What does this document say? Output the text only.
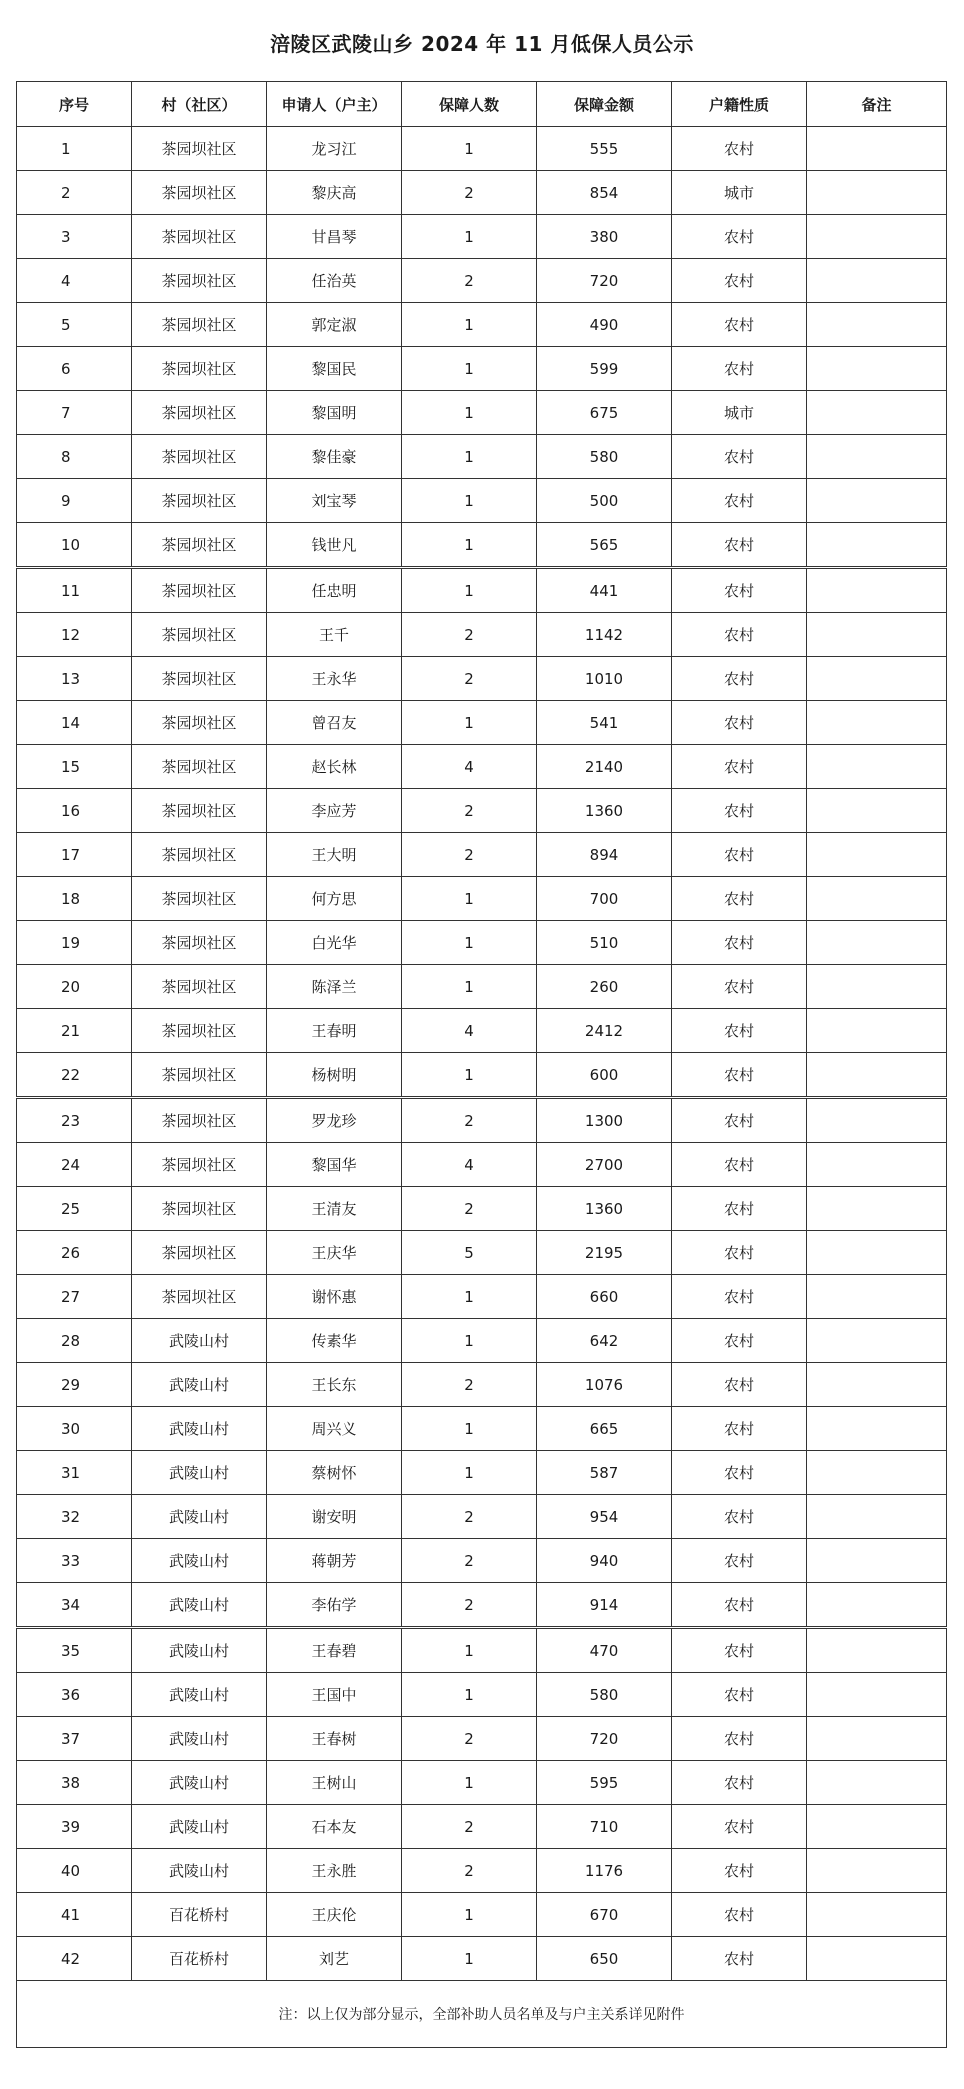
涪陵区武陵山乡 2024 年 11 月低保人员公示
序号	村（社区）	申请人（户主）	保障人数	保障金额	户籍性质	备注
1	茶园坝社区	龙习江	1	555	农村	
2	茶园坝社区	黎庆高	2	854	城市	
3	茶园坝社区	甘昌琴	1	380	农村	
4	茶园坝社区	任治英	2	720	农村	
5	茶园坝社区	郭定淑	1	490	农村	
6	茶园坝社区	黎国民	1	599	农村	
7	茶园坝社区	黎国明	1	675	城市	
8	茶园坝社区	黎佳豪	1	580	农村	
9	茶园坝社区	刘宝琴	1	500	农村	
10	茶园坝社区	钱世凡	1	565	农村	
11	茶园坝社区	任忠明	1	441	农村	
12	茶园坝社区	王千	2	1142	农村	
13	茶园坝社区	王永华	2	1010	农村	
14	茶园坝社区	曾召友	1	541	农村	
15	茶园坝社区	赵长林	4	2140	农村	
16	茶园坝社区	李应芳	2	1360	农村	
17	茶园坝社区	王大明	2	894	农村	
18	茶园坝社区	何方思	1	700	农村	
19	茶园坝社区	白光华	1	510	农村	
20	茶园坝社区	陈泽兰	1	260	农村	
21	茶园坝社区	王春明	4	2412	农村	
22	茶园坝社区	杨树明	1	600	农村	
23	茶园坝社区	罗龙珍	2	1300	农村	
24	茶园坝社区	黎国华	4	2700	农村	
25	茶园坝社区	王清友	2	1360	农村	
26	茶园坝社区	王庆华	5	2195	农村	
27	茶园坝社区	谢怀惠	1	660	农村	
28	武陵山村	传素华	1	642	农村	
29	武陵山村	王长东	2	1076	农村	
30	武陵山村	周兴义	1	665	农村	
31	武陵山村	蔡树怀	1	587	农村	
32	武陵山村	谢安明	2	954	农村	
33	武陵山村	蒋朝芳	2	940	农村	
34	武陵山村	李佑学	2	914	农村	
35	武陵山村	王春碧	1	470	农村	
36	武陵山村	王国中	1	580	农村	
37	武陵山村	王春树	2	720	农村	
38	武陵山村	王树山	1	595	农村	
39	武陵山村	石本友	2	710	农村	
40	武陵山村	王永胜	2	1176	农村	
41	百花桥村	王庆伦	1	670	农村	
42	百花桥村	刘艺	1	650	农村	
注：以上仅为部分显示，全部补助人员名单及与户主关系详见附件						
